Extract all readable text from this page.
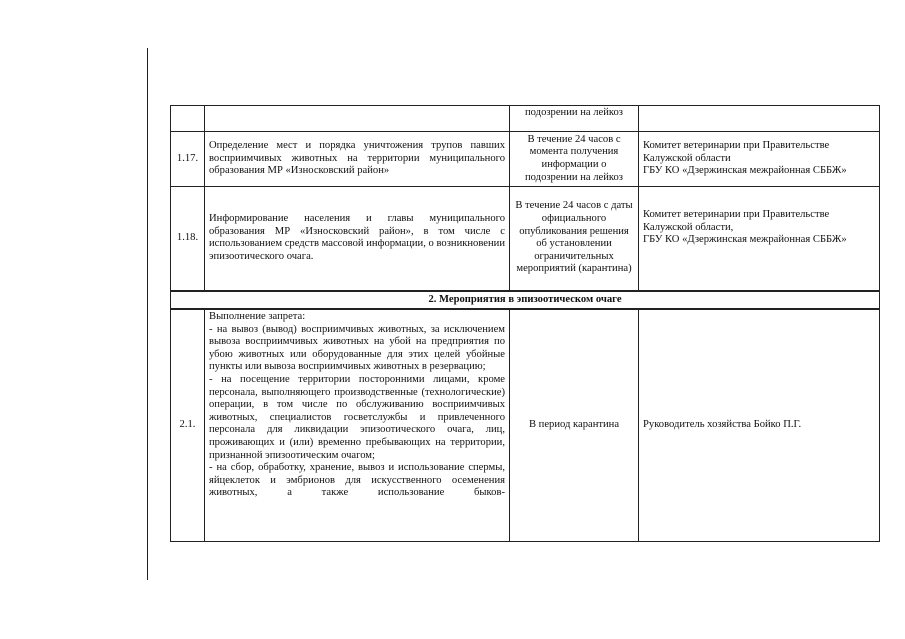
		подозрении на лейкоз	
1.17.	Определение мест и порядка уничтожения трупов павших восприимчивых животных на территории муниципального образования МР «Износковский район»	В течение 24 часов с момента получения информации о подозрении на лейкоз	Комитет ветеринарии при Правительстве Калужской области
ГБУ КО «Дзержинская межрайонная СББЖ»
1.18.	Информирование населения и главы муниципального образования МР «Износковский район», в том числе с использованием средств массовой информации, о возникновении эпизоотического очага.	В течение 24 часов с даты официального опубликования решения об установлении ограничительных мероприятий (карантина)	Комитет ветеринарии при Правительстве Калужской области,
ГБУ КО «Дзержинская межрайонная СББЖ»
2. Мероприятия в эпизоотическом очаге			
2.1.	Выполнение запрета:
- на вывоз (вывод) восприимчивых животных, за исключением вывоза восприимчивых животных на убой на предприятия по убою животных или оборудованные для этих целей убойные пункты или вывоза восприимчивых животных в резервацию;
- на посещение территории посторонними лицами, кроме персонала, выполняющего производственные (технологические) операции, в том числе по обслуживанию восприимчивых животных, специалистов госветслужбы и привлеченного персонала для ликвидации эпизоотического очага, лиц, проживающих и (или) временно пребывающих на территории, признанной эпизоотическим очагом;
- на сбор, обработку, хранение, вывоз и использование спермы, яйцеклеток и эмбрионов для искусственного осеменения животных, а также использование быков-	В период карантина	Руководитель хозяйства Бойко П.Г.
